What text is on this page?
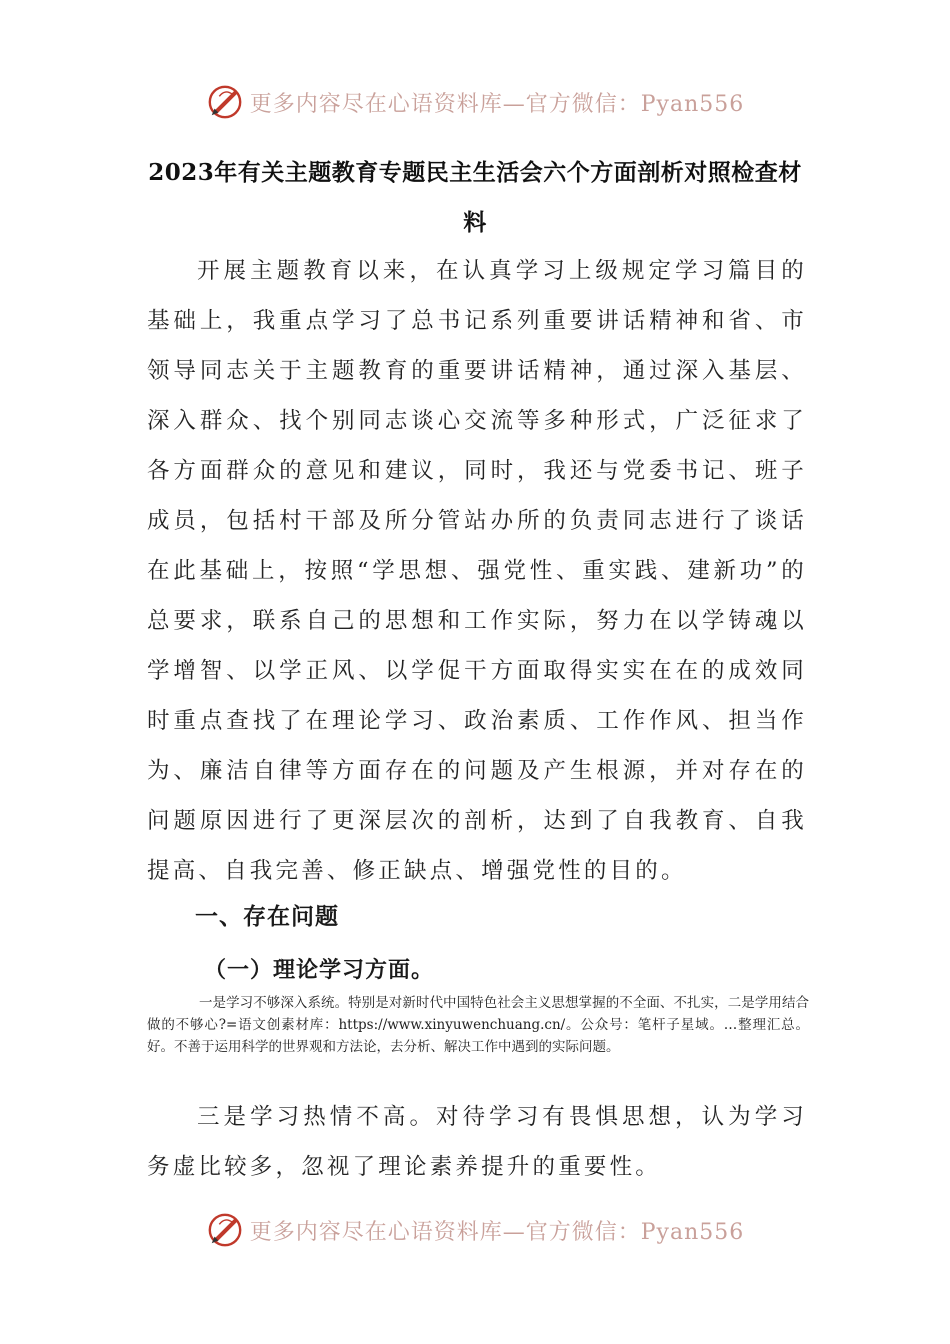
更多内容尽在心语资料库—官方微信：Pyan556
2023年有关主题教育专题民主生活会六个方面剖析对照检查材料
开展主题教育以来，在认真学习上级规定学习篇目的基础上，我重点学习了总书记系列重要讲话精神和省、市领导同志关于主题教育的重要讲话精神，通过深入基层、深入群众、找个别同志谈心交流等多种形式，广泛征求了各方面群众的意见和建议，同时，我还与党委书记、班子成员，包括村干部及所分管站办所的负责同志进行了谈话在此基础上，按照“学思想、强党性、重实践、建新功”的总要求，联系自己的思想和工作实际，努力在以学铸魂以学增智、以学正风、以学促干方面取得实实在在的成效同时重点查找了在理论学习、政治素质、工作作风、担当作为、廉洁自律等方面存在的问题及产生根源，并对存在的问题原因进行了更深层次的剖析，达到了自我教育、自我提高、自我完善、修正缺点、增强党性的目的。
一、存在问题
（一）理论学习方面。
一是学习不够深入系统。特别是对新时代中国特色社会主义思想掌握的不全面、不扎实，二是学用结合做的不够心?=语文创素材库：https://www.xinyuwenchuang.cn/。公众号：笔杆子星域。…整理汇总。好。不善于运用科学的世界观和方法论，去分析、解决工作中遇到的实际问题。
三是学习热情不高。对待学习有畏惧思想，认为学习务虚比较多，忽视了理论素养提升的重要性。
更多内容尽在心语资料库—官方微信：Pyan556
